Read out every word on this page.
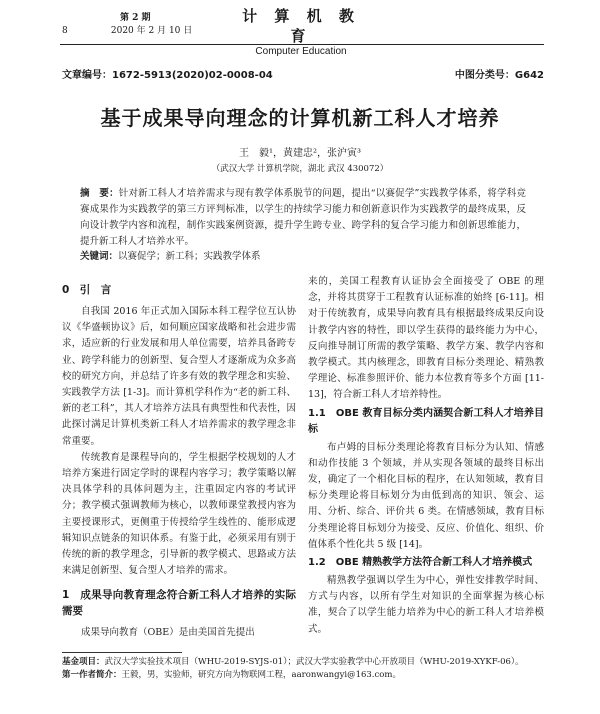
第 2 期
8	2020 年 2 月 10 日
计 算 机 教 育
Computer Education
文章编号：1672-5913(2020)02-0008-04	中图分类号：G642
基于成果导向理念的计算机新工科人才培养
王　毅¹，黄建忠²，张沪寅³
（武汉大学 计算机学院，湖北 武汉 430072）
摘　要：针对新工科人才培养需求与现有教学体系脱节的问题，提出“以赛促学”实践教学体系，将学科竞赛成果作为实践教学的第三方评判标准，以学生的持续学习能力和创新意识作为实践教学的最终成果，反向设计教学内容和流程，制作实践案例资源，提升学生跨专业、跨学科的复合学习能力和创新思维能力，提升新工科人才培养水平。
关键词：以赛促学；新工科；实践教学体系
0　引　言

自我国 2016 年正式加入国际本科工程学位互认协议《华盛顿协议》后，如何顺应国家战略和社会进步需求，适应新的行业发展和用人单位需要，培养具备跨专业、跨学科能力的创新型、复合型人才逐渐成为众多高校的研究方向，并总结了许多有效的教学理念和实验、实践教学方法 [1-3]。而计算机学科作为“老的新工科、新的老工科”，其人才培养方法具有典型性和代表性，因此探讨满足计算机类新工科人才培养需求的教学理念非常重要。

传统教育是课程导向的，学生根据学校规划的人才培养方案进行固定学时的课程内容学习；教学策略以解决具体学科的具体问题为主，注重固定内容的考试评分；教学模式强调教师为核心，以教师课堂教授内容为主要授课形式，更侧重于传授给学生线性的、能形成逻辑知识点链条的知识体系。有鉴于此，必须采用有别于传统的新的教学理念，引导新的教学模式、思路或方法来满足创新型、复合型人才培养的需求。

1　成果导向教育理念符合新工科人才培养的实际需要

成果导向教育（OBE）是由美国首先提出

来的，美国工程教育认证协会全面接受了 OBE 的理念，并将其贯穿于工程教育认证标准的始终 [6-11]。相对于传统教育，成果导向教育具有根据最终成果反向设计教学内容的特性，即以学生获得的最终能力为中心，反向推导制订所需的教学策略、教学方案、教学内容和教学模式。其内核理念，即教育目标分类理论、精熟教学理论、标准参照评价、能力本位教育等多个方面 [11-13]，符合新工科人才培养特性。

1.1　OBE 教育目标分类内涵契合新工科人才培养目标

布卢姆的目标分类理论将教育目标分为认知、情感和动作技能 3 个领域，并从实现各领域的最终目标出发，确定了一个相化目标的程序，在认知领域，教育目标分类理论将目标划分为由低到高的知识、领会、运用、分析、综合、评价共 6 类。在情感领域，教育目标分类理论将目标划分为接受、反应、价值化、组织、价值体系个性化共 5 级 [14]。

1.2　OBE 精熟教学方法符合新工科人才培养模式

精熟教学强调以学生为中心，弹性安排教学时间、方式与内容，以所有学生对知识的全面掌握为核心标准，契合了以学生能力培养为中心的新工科人才培养模式。

基金项目：武汉大学实验技术项目（WHU-2019-SYJS-01）；武汉大学实验教学中心开放项目（WHU-2019-XYKF-06）。
第一作者简介：王毅，男，实验师，研究方向为物联网工程，aaronwangyi@163.com。
